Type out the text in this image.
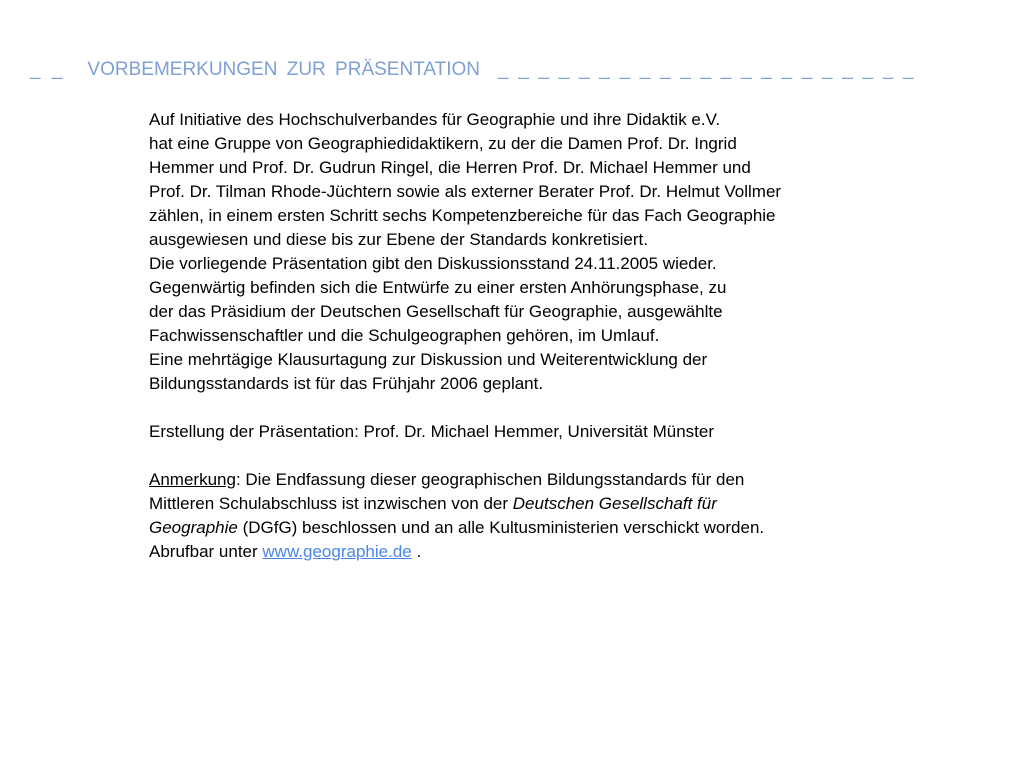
_ _ VORBEMERKUNGEN ZUR PRÄSENTATION _ _ _ _ _ _ _ _ _ _ _ _ _ _ _ _ _ _ _ _ _

Auf Initiative des Hochschulverbandes für Geographie und ihre Didaktik e.V.
hat eine Gruppe von Geographiedidaktikern, zu der die Damen Prof. Dr. Ingrid
Hemmer und Prof. Dr. Gudrun Ringel, die Herren Prof. Dr. Michael Hemmer und
Prof. Dr. Tilman Rhode-Jüchtern sowie als externer Berater Prof. Dr. Helmut Vollmer
zählen, in einem ersten Schritt sechs Kompetenzbereiche für das Fach Geographie
ausgewiesen und diese bis zur Ebene der Standards konkretisiert.
Die vorliegende Präsentation gibt den Diskussionsstand 24.11.2005 wieder.
Gegenwärtig befinden sich die Entwürfe zu einer ersten Anhörungsphase, zu
der das Präsidium der Deutschen Gesellschaft für Geographie, ausgewählte
Fachwissenschaftler und die Schulgeographen gehören, im Umlauf.
Eine mehrtägige Klausurtagung zur Diskussion und Weiterentwicklung der
Bildungsstandards ist für das Frühjahr 2006 geplant.

Erstellung der Präsentation: Prof. Dr. Michael Hemmer, Universität Münster

Anmerkung: Die Endfassung dieser geographischen Bildungsstandards für den
Mittleren Schulabschluss ist inzwischen von der Deutschen Gesellschaft für
Geographie (DGfG) beschlossen und an alle Kultusministerien verschickt worden.
Abrufbar unter www.geographie.de .
